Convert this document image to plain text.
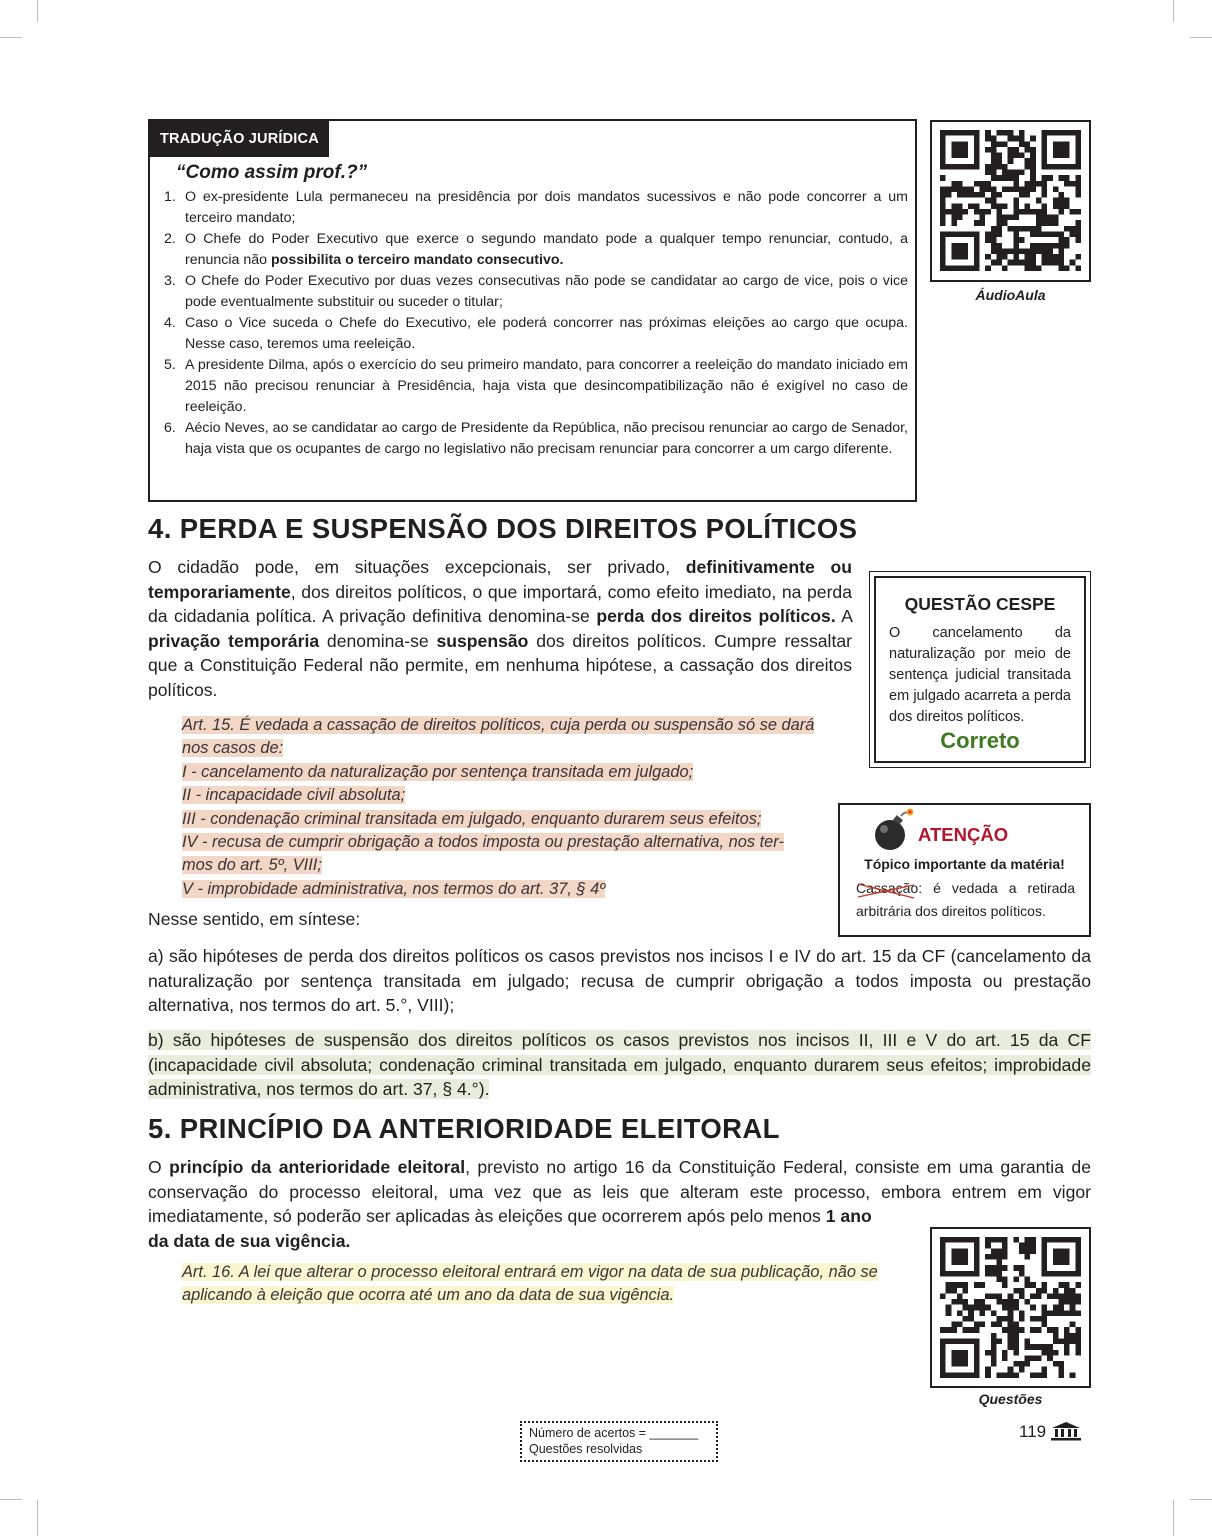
TRADUÇÃO JURÍDICA
“Como assim prof.?”
1. O ex-presidente Lula permaneceu na presidência por dois mandatos sucessivos e não pode concorrer a um terceiro mandato;
2. O Chefe do Poder Executivo que exerce o segundo mandato pode a qualquer tempo renunciar, contudo, a renuncia não possibilita o terceiro mandato consecutivo.
3. O Chefe do Poder Executivo por duas vezes consecutivas não pode se candidatar ao cargo de vice, pois o vice pode eventualmente substituir ou suceder o titular;
4. Caso o Vice suceda o Chefe do Executivo, ele poderá concorrer nas próximas eleições ao cargo que ocupa. Nesse caso, teremos uma reeleição.
5. A presidente Dilma, após o exercício do seu primeiro mandato, para concorrer a reeleição do mandato iniciado em 2015 não precisou renunciar à Presidência, haja vista que desincompatibilização não é exigível no caso de reeleição.
6. Aécio Neves, ao se candidatar ao cargo de Presidente da República, não precisou renunciar ao cargo de Senador, haja vista que os ocupantes de cargo no legislativo não precisam renunciar para concorrer a um cargo diferente.
ÁudioAula
4. PERDA E SUSPENSÃO DOS DIREITOS POLÍTICOS
O cidadão pode, em situações excepcionais, ser privado, definitivamente ou temporariamente, dos direitos políticos, o que importará, como efeito imediato, na perda da cidadania política. A privação definitiva denomina-se perda dos direitos políticos. A privação temporária denomina-se suspensão dos direitos políticos. Cumpre ressaltar que a Constituição Federal não permite, em nenhuma hipótese, a cassação dos direitos políticos.
Art. 15. É vedada a cassação de direitos políticos, cuja perda ou suspensão só se dará
nos casos de:
I - cancelamento da naturalização por sentença transitada em julgado;
II - incapacidade civil absoluta;
III - condenação criminal transitada em julgado, enquanto durarem seus efeitos;
IV - recusa de cumprir obrigação a todos imposta ou prestação alternativa, nos ter-
mos do art. 5º, VIII;
V - improbidade administrativa, nos termos do art. 37, § 4º
Nesse sentido, em síntese:
a) são hipóteses de perda dos direitos políticos os casos previstos nos incisos I e IV do art. 15 da CF (cancelamento da naturalização por sentença transitada em julgado; recusa de cumprir obrigação a todos imposta ou prestação alternativa, nos termos do art. 5.°, VIII);
b) são hipóteses de suspensão dos direitos políticos os casos previstos nos incisos II, III e V do art. 15 da CF (incapacidade civil absoluta; condenação criminal transitada em julgado, enquanto durarem seus efeitos; improbidade administrativa, nos termos do art. 37, § 4.°).
QUESTÃO CESPE
O cancelamento da naturalização por meio de sentença judicial transitada em julgado acarreta a perda dos direitos políticos.
Correto
ATENÇÃO
Tópico importante da matéria!
Cassação
: é vedada a retirada arbitrária dos direitos políticos.
5. PRINCÍPIO DA ANTERIORIDADE ELEITORAL
O princípio da anterioridade eleitoral, previsto no artigo 16 da Constituição Federal, consiste em uma garantia de conservação do processo eleitoral, uma vez que as leis que alteram este processo, embora entrem em vigor imediatamente, só poderão ser aplicadas às eleições que ocorrerem após pelo menos 1 ano
da data de sua vigência.
Art. 16. A lei que alterar o processo eleitoral entrará em vigor na data de sua publicação, não se
aplicando à eleição que ocorra até um ano da data de sua vigência.
Questões
Número de acertos = _______
Questões resolvidas
119
